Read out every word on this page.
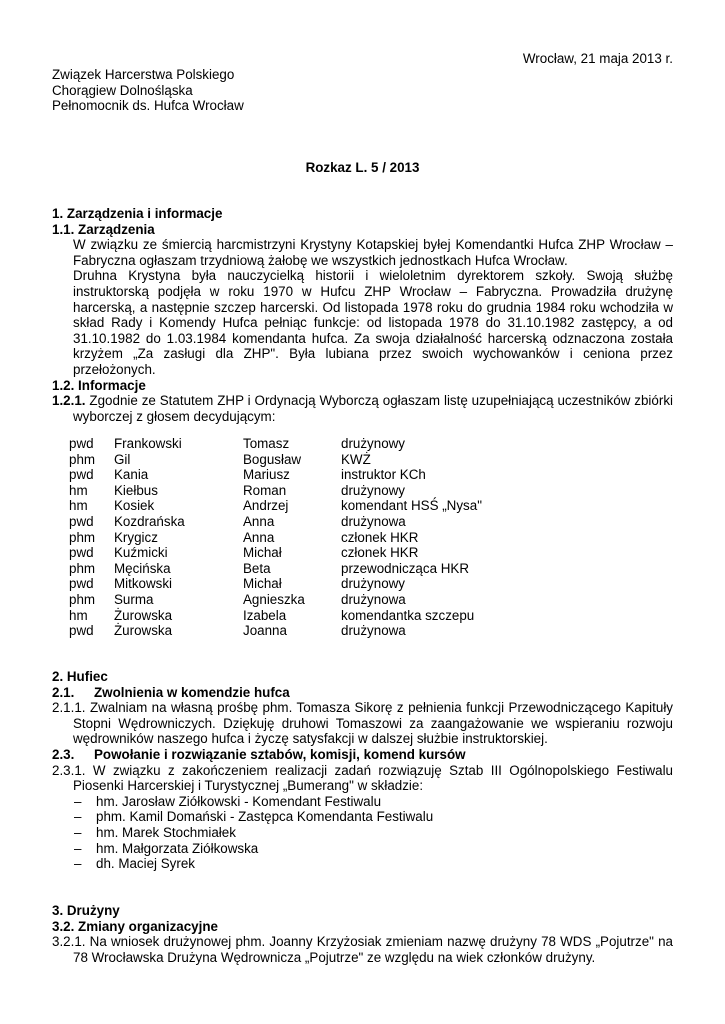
Wrocław, 21 maja 2013 r.
Związek Harcerstwa Polskiego
Chorągiew Dolnośląska
Pełnomocnik ds. Hufca Wrocław
Rozkaz L. 5 / 2013
1. Zarządzenia i informacje
1.1. Zarządzenia
W związku ze śmiercią harcmistrzyni Krystyny Kotapskiej byłej Komendantki Hufca ZHP Wrocław – Fabryczna ogłaszam trzydniową żałobę we wszystkich jednostkach Hufca Wrocław.
Druhna Krystyna była nauczycielką historii i wieloletnim dyrektorem szkoły. Swoją służbę instruktorską podjęła w roku 1970 w Hufcu ZHP Wrocław – Fabryczna. Prowadziła drużynę harcerską, a następnie szczep harcerski. Od listopada 1978 roku do grudnia 1984 roku wchodziła w skład Rady i Komendy Hufca pełniąc funkcje: od listopada 1978 do 31.10.1982 zastępcy, a od 31.10.1982 do 1.03.1984 komendanta hufca. Za swoja działalność harcerską odznaczona została krzyżem „Za zasługi dla ZHP". Była lubiana przez swoich wychowanków i ceniona przez przełożonych.
1.2. Informacje
1.2.1. Zgodnie ze Statutem ZHP i Ordynacją Wyborczą ogłaszam listę uzupełniającą uczestników zbiórki wyborczej z głosem decydującym:
pwd	Frankowski	Tomasz	drużynowy
phm	Gil	Bogusław	KWŻ
pwd	Kania	Mariusz	instruktor KCh
hm	Kiełbus	Roman	drużynowy
hm	Kosiek	Andrzej	komendant HSŚ „Nysa"
pwd	Kozdrańska	Anna	drużynowa
phm	Krygicz	Anna	członek HKR
pwd	Kuźmicki	Michał	członek HKR
phm	Męcińska	Beta	przewodnicząca HKR
pwd	Mitkowski	Michał	drużynowy
phm	Surma	Agnieszka	drużynowa
hm	Żurowska	Izabela	komendantka szczepu
pwd	Żurowska	Joanna	drużynowa
2. Hufiec
2.1. Zwolnienia w komendzie hufca
2.1.1. Zwalniam na własną prośbę phm. Tomasza Sikorę z pełnienia funkcji Przewodniczącego Kapituły Stopni Wędrowniczych. Dziękuję druhowi Tomaszowi za zaangażowanie we wspieraniu rozwoju wędrowników naszego hufca i życzę satysfakcji w dalszej służbie instruktorskiej.
2.3. Powołanie i rozwiązanie sztabów, komisji, komend kursów
2.3.1. W związku z zakończeniem realizacji zadań rozwiązuję Sztab III Ogólnopolskiego Festiwalu Piosenki Harcerskiej i Turystycznej „Bumerang" w składzie:
– hm. Jarosław Ziółkowski - Komendant Festiwalu
– phm. Kamil Domański - Zastępca Komendanta Festiwalu
– hm. Marek Stochmiałek
– hm. Małgorzata Ziółkowska
– dh. Maciej Syrek
3. Drużyny
3.2. Zmiany organizacyjne
3.2.1. Na wniosek drużynowej phm. Joanny Krzyżosiak zmieniam nazwę drużyny 78 WDS „Pojutrze" na 78 Wrocławska Drużyna Wędrownicza „Pojutrze" ze względu na wiek członków drużyny.
